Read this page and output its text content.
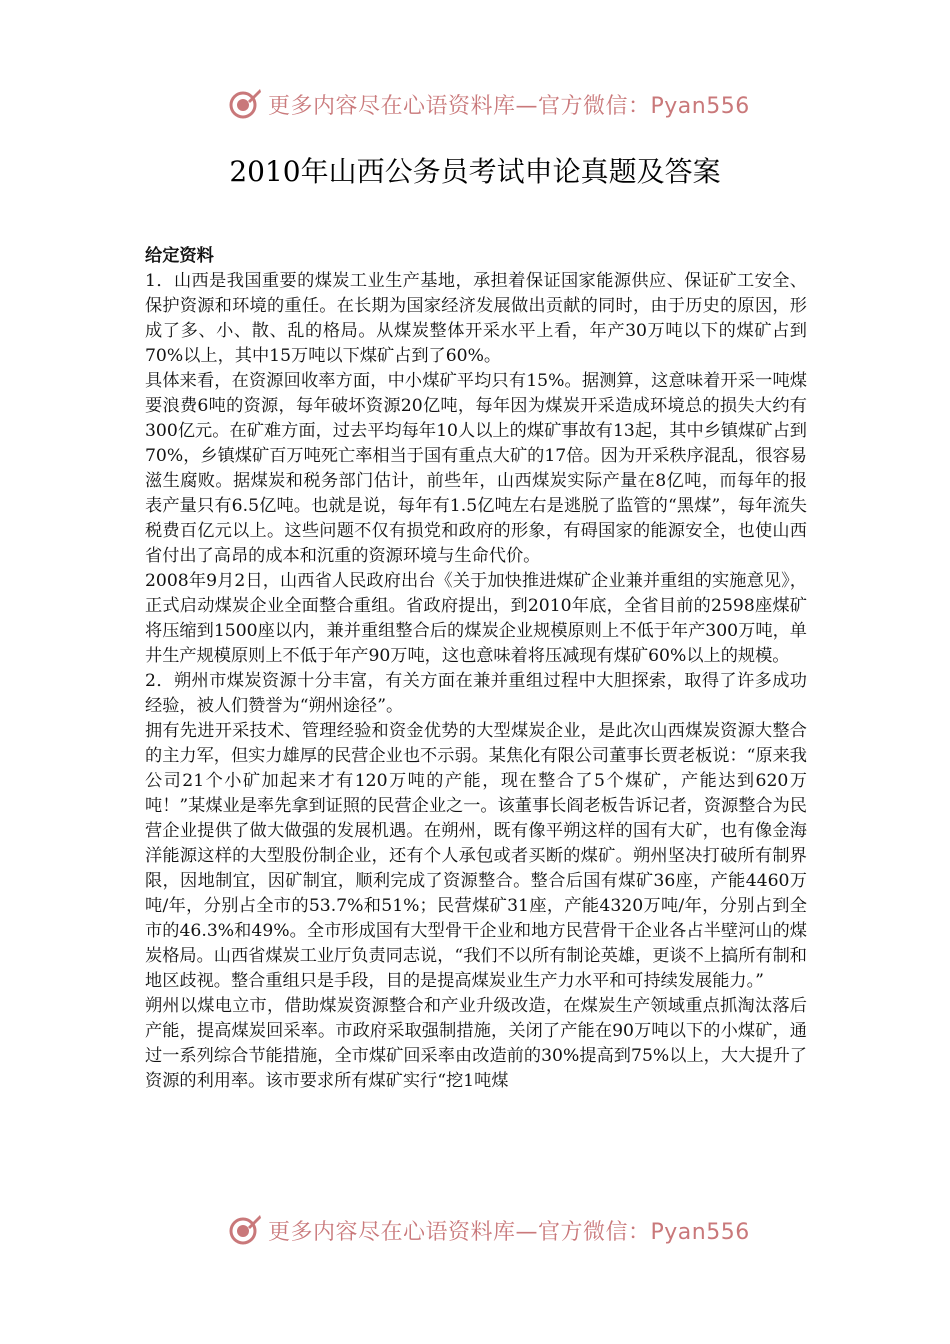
更多内容尽在心语资料库—官方微信：Pyan556
2010年山西公务员考试申论真题及答案

给定资料

1．山西是我国重要的煤炭工业生产基地，承担着保证国家能源供应、保证矿工安全、保护资源和环境的重任。在长期为国家经济发展做出贡献的同时，由于历史的原因，形成了多、小、散、乱的格局。从煤炭整体开采水平上看，年产30万吨以下的煤矿占到70%以上，其中15万吨以下煤矿占到了60%。

具体来看，在资源回收率方面，中小煤矿平均只有15%。据测算，这意味着开采一吨煤要浪费6吨的资源，每年破坏资源20亿吨，每年因为煤炭开采造成环境总的损失大约有300亿元。在矿难方面，过去平均每年10人以上的煤矿事故有13起，其中乡镇煤矿占到70%，乡镇煤矿百万吨死亡率相当于国有重点大矿的17倍。因为开采秩序混乱，很容易滋生腐败。据煤炭和税务部门估计，前些年，山西煤炭实际产量在8亿吨，而每年的报表产量只有6.5亿吨。也就是说，每年有1.5亿吨左右是逃脱了监管的“黑煤”，每年流失税费百亿元以上。这些问题不仅有损党和政府的形象，有碍国家的能源安全，也使山西省付出了高昂的成本和沉重的资源环境与生命代价。

2008年9月2日，山西省人民政府出台《关于加快推进煤矿企业兼并重组的实施意见》，正式启动煤炭企业全面整合重组。省政府提出，到2010年底，全省目前的2598座煤矿将压缩到1500座以内，兼并重组整合后的煤炭企业规模原则上不低于年产300万吨，单井生产规模原则上不低于年产90万吨，这也意味着将压减现有煤矿60%以上的规模。

2．朔州市煤炭资源十分丰富，有关方面在兼并重组过程中大胆探索，取得了许多成功经验，被人们赞誉为“朔州途径”。

拥有先进开采技术、管理经验和资金优势的大型煤炭企业，是此次山西煤炭资源大整合的主力军，但实力雄厚的民营企业也不示弱。某焦化有限公司董事长贾老板说：“原来我公司21个小矿加起来才有120万吨的产能，现在整合了5个煤矿，产能达到620万吨！”某煤业是率先拿到证照的民营企业之一。该董事长阎老板告诉记者，资源整合为民营企业提供了做大做强的发展机遇。在朔州，既有像平朔这样的国有大矿，也有像金海洋能源这样的大型股份制企业，还有个人承包或者买断的煤矿。朔州坚决打破所有制界限，因地制宜，因矿制宜，顺利完成了资源整合。整合后国有煤矿36座，产能4460万吨/年，分别占全市的53.7%和51%；民营煤矿31座，产能4320万吨/年，分别占到全市的46.3%和49%。全市形成国有大型骨干企业和地方民营骨干企业各占半壁河山的煤炭格局。山西省煤炭工业厅负责同志说，“我们不以所有制论英雄，更谈不上搞所有制和地区歧视。整合重组只是手段，目的是提高煤炭业生产力水平和可持续发展能力。”

朔州以煤电立市，借助煤炭资源整合和产业升级改造，在煤炭生产领域重点抓淘汰落后产能，提高煤炭回采率。市政府采取强制措施，关闭了产能在90万吨以下的小煤矿，通过一系列综合节能措施，全市煤矿回采率由改造前的30%提高到75%以上，大大提升了资源的利用率。该市要求所有煤矿实行“挖1吨煤

更多内容尽在心语资料库—官方微信：Pyan556
